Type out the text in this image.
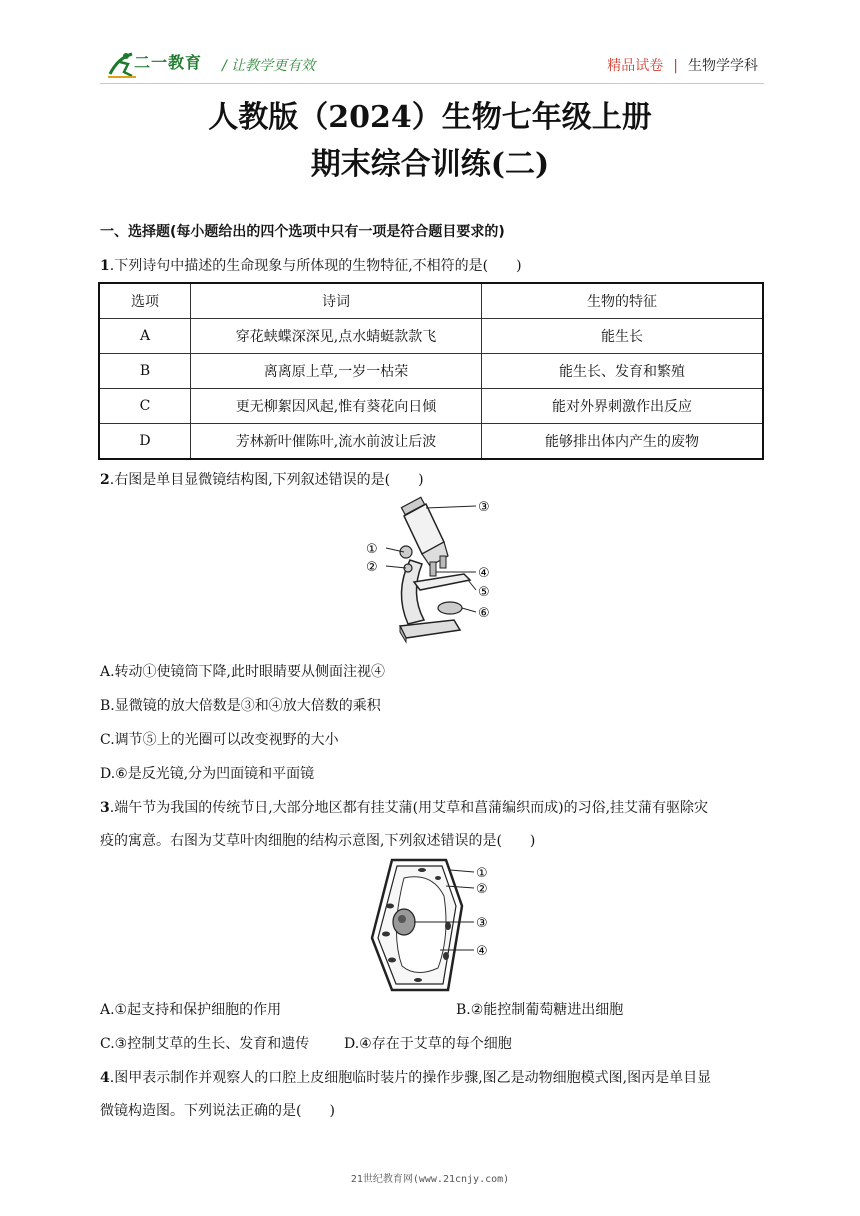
二一教育 / 让教学更有效	精品试卷 | 生物学学科
人教版（2024）生物七年级上册
期末综合训练(二)
一、选择题(每小题给出的四个选项中只有一项是符合题目要求的)
1.下列诗句中描述的生命现象与所体现的生物特征,不相符的是(　　)
选项	诗词	生物的特征
A	穿花蛱蝶深深见,点水蜻蜓款款飞	能生长
B	离离原上草,一岁一枯荣	能生长、发育和繁殖
C	更无柳絮因风起,惟有葵花向日倾	能对外界刺激作出反应
D	芳林新叶催陈叶,流水前波让后波	能够排出体内产生的废物
2.右图是单目显微镜结构图,下列叙述错误的是(　　)
①
②
③
④
⑤
⑥
A.转动①使镜筒下降,此时眼睛要从侧面注视④
B.显微镜的放大倍数是③和④放大倍数的乘积
C.调节⑤上的光圈可以改变视野的大小
D.⑥是反光镜,分为凹面镜和平面镜
3.端午节为我国的传统节日,大部分地区都有挂艾蒲(用艾草和菖蒲编织而成)的习俗,挂艾蒲有驱除灾
疫的寓意。右图为艾草叶肉细胞的结构示意图,下列叙述错误的是(　　)
①
②
③
④
A.①起支持和保护细胞的作用	B.②能控制葡萄糖进出细胞
C.③控制艾草的生长、发育和遗传 D.④存在于艾草的每个细胞
4.图甲表示制作并观察人的口腔上皮细胞临时装片的操作步骤,图乙是动物细胞模式图,图丙是单目显
微镜构造图。下列说法正确的是(　　)
21世纪教育网(www.21cnjy.com)
